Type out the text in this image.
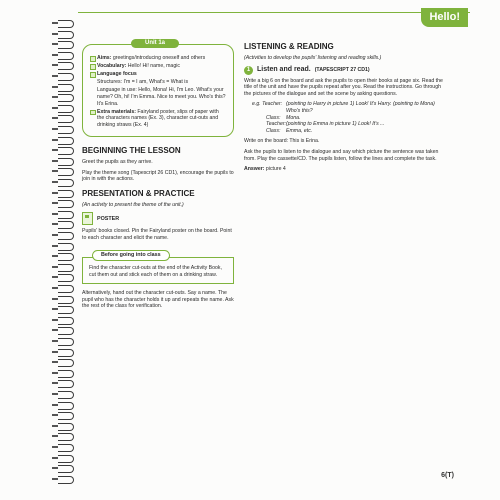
Hello!
Unit 1a
Aims: greetings/introducing oneself and others
Vocabulary: Hello! Hi! name, magic
Language focus
Structures: I'm = I am, What's = What is
Language in use: Hello, Mona! Hi, I'm Leo. What's your name? Oh, hi! I'm Emma. Nice to meet you. Who's this? It's Erina.
Extra materials: Fairyland poster, slips of paper with the characters names (Ex. 3), character cut-outs and drinking straws (Ex. 4)
BEGINNING THE LESSON

Greet the pupils as they arrive.

Play the theme song (Tapescript 26 CD1), encourage the pupils to join in with the actions.

PRESENTATION & PRACTICE

(An activity to present the theme of the unit.)

POSTER

Pupils' books closed. Pin the Fairyland poster on the board. Point to each character and elicit the name.

Before going into class
Find the character cut-outs at the end of the Activity Book, cut them out and stick each of them on a drinking straw.

Alternatively, hand out the character cut-outs. Say a name. The pupil who has the character holds it up and repeats the name. Ask the rest of the class for verification.

LISTENING & READING

(Activities to develop the pupils' listening and reading skills.)

1 Listen and read. (TAPESCRIPT 27 CD1)

Write a big 6 on the board and ask the pupils to open their books at page six. Read the title of the unit and have the pupils repeat after you. Read the instructions. Go through the pictures of the dialogue and set the scene by asking questions.

e.g. Teacher: (pointing to Harry in picture 1) Look! It's Harry. (pointing to Mona) Who's this?
Class:	Mona.
Teacher: (pointing to Emma in picture 1) Look! It's ...
Class:	Emma, etc.

Write on the board: This is Erina.

Ask the pupils to listen to the dialogue and say which picture the sentence was taken from. Play the cassette/CD. The pupils listen, follow the lines and complete the task.

Answer: picture 4

6(T)
